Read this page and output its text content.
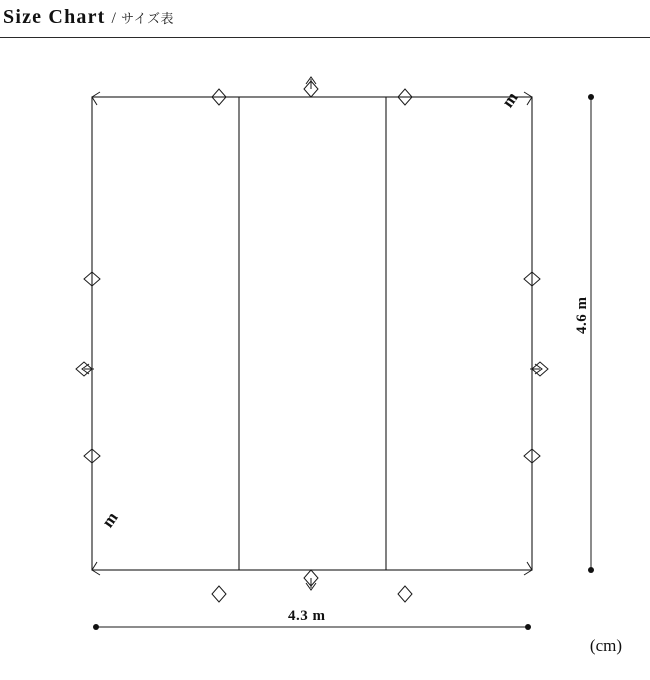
Size Chart / サイズ表
4.6 m
4.3 m
m
m
(cm)
